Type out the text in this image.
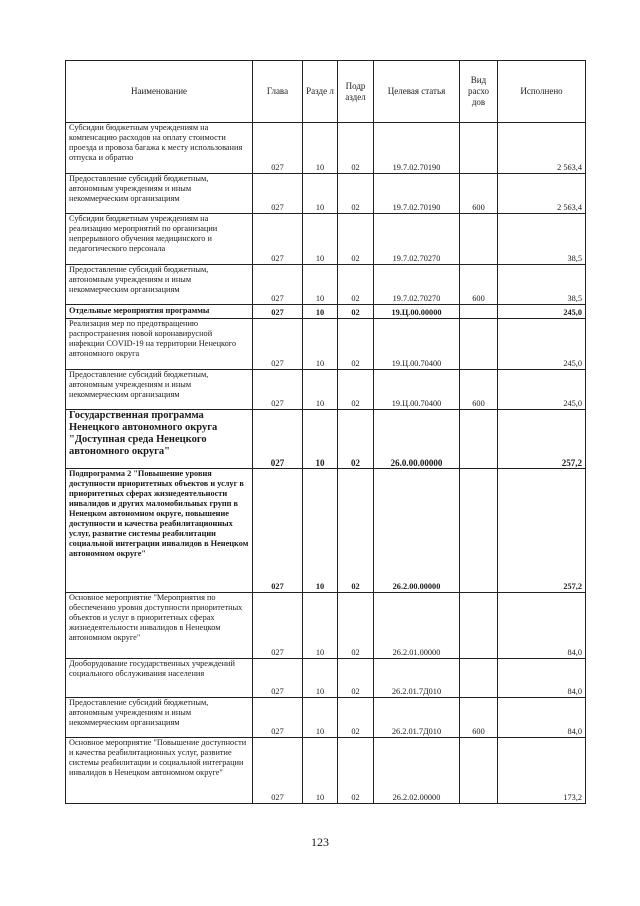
Наименование	Глава	Разде л	Подр аздел	Целевая статья	Вид расхо дов	Исполнено
Субсидии бюджетным учреждениям на компенсацию расходов на оплату стоимости проезда и провоза багажа к месту использования отпуска и обратно	027	10	02	19.7.02.70190		2 563,4
Предоставление субсидий бюджетным, автономным учреждениям и иным некоммерческим организациям	027	10	02	19.7.02.70190	600	2 563,4
Субсидии бюджетным учреждениям на реализацию мероприятий по организации непрерывного обучения медицинского и педагогического персонала	027	10	02	19.7.02.70270		38,5
Предоставление субсидий бюджетным, автономным учреждениям и иным некоммерческим организациям	027	10	02	19.7.02.70270	600	38,5
Отдельные мероприятия программы	027	10	02	19.Ц.00.00000		245,0
Реализация мер по предотвращению распространения новой коронавирусной инфекции COVID-19 на территории Ненецкого автономного округа	027	10	02	19.Ц.00.70400		245,0
Предоставление субсидий бюджетным, автономным учреждениям и иным некоммерческим организациям	027	10	02	19.Ц.00.70400	600	245,0
Государственная программа Ненецкого автономного округа "Доступная среда Ненецкого автономного округа"	027	10	02	26.0.00.00000		257,2
Подпрограмма 2 "Повышение уровня доступности приоритетных объектов и услуг в приоритетных сферах жизнедеятельности инвалидов и других маломобильных групп в Ненецком автономном округе, повышение доступности и качества реабилитационных услуг, развитие системы реабилитации социальной интеграции инвалидов в Ненецком автономном округе"	027	10	02	26.2.00.00000		257,2
Основное мероприятие "Мероприятия по обеспечению уровня доступности приоритетных объектов и услуг в приоритетных сферах жизнедеятельности инвалидов в Ненецком автономном округе"	027	10	02	26.2.01.00000		84,0
Дооборудование государственных учреждений социального обслуживания населения	027	10	02	26.2.01.7Д010		84,0
Предоставление субсидий бюджетным, автономным учреждениям и иным некоммерческим организациям	027	10	02	26.2.01.7Д010	600	84,0
Основное мероприятие "Повышение доступности и качества реабилитационных услуг, развитие системы реабилитации и социальной интеграции инвалидов в Ненецком автономном округе"	027	10	02	26.2.02.00000		173,2
123
